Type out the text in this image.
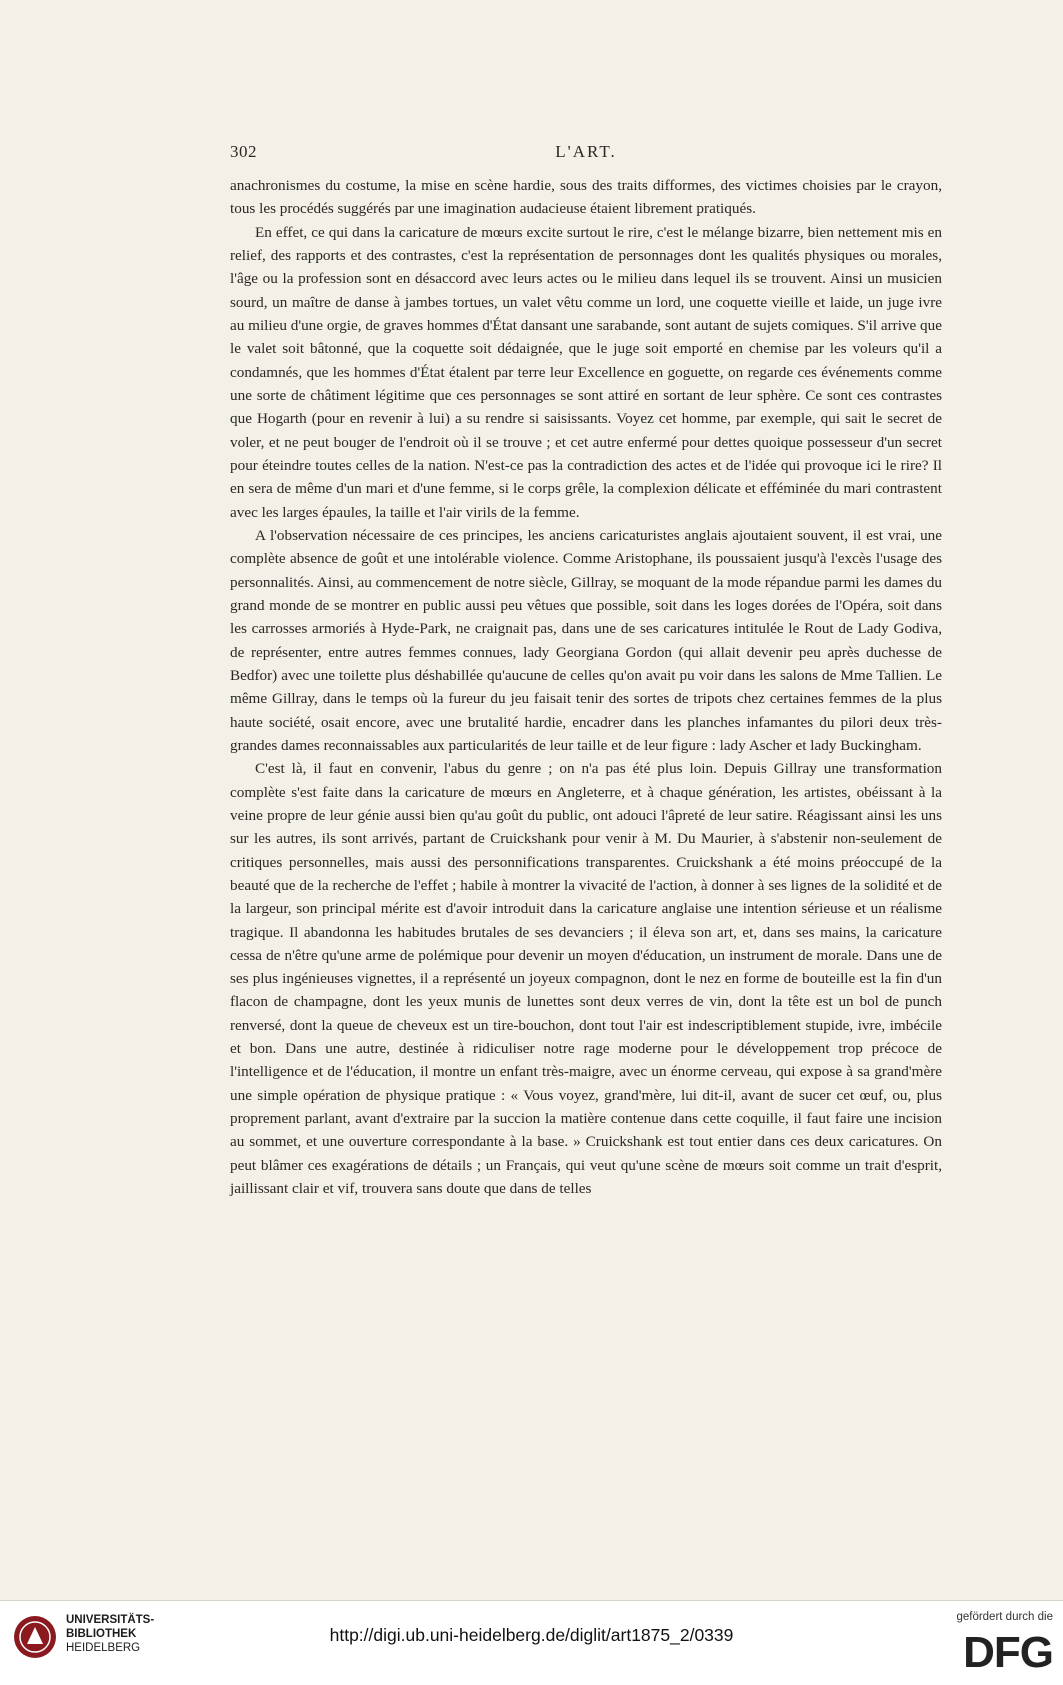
302	L'ART.

anachronismes du costume, la mise en scène hardie, sous des traits difformes, des victimes choisies par le crayon, tous les procédés suggérés par une imagination audacieuse étaient librement pratiqués.

En effet, ce qui dans la caricature de mœurs excite surtout le rire, c'est le mélange bizarre, bien nettement mis en relief, des rapports et des contrastes, c'est la représentation de personnages dont les qualités physiques ou morales, l'âge ou la profession sont en désaccord avec leurs actes ou le milieu dans lequel ils se trouvent. Ainsi un musicien sourd, un maître de danse à jambes tortues, un valet vêtu comme un lord, une coquette vieille et laide, un juge ivre au milieu d'une orgie, de graves hommes d'État dansant une sarabande, sont autant de sujets comiques. S'il arrive que le valet soit bâtonné, que la coquette soit dédaignée, que le juge soit emporté en chemise par les voleurs qu'il a condamnés, que les hommes d'État étalent par terre leur Excellence en goguette, on regarde ces événements comme une sorte de châtiment légitime que ces personnages se sont attiré en sortant de leur sphère. Ce sont ces contrastes que Hogarth (pour en revenir à lui) a su rendre si saisissants. Voyez cet homme, par exemple, qui sait le secret de voler, et ne peut bouger de l'endroit où il se trouve ; et cet autre enfermé pour dettes quoique possesseur d'un secret pour éteindre toutes celles de la nation. N'est-ce pas la contradiction des actes et de l'idée qui provoque ici le rire? Il en sera de même d'un mari et d'une femme, si le corps grêle, la complexion délicate et efféminée du mari contrastent avec les larges épaules, la taille et l'air virils de la femme.

A l'observation nécessaire de ces principes, les anciens caricaturistes anglais ajoutaient souvent, il est vrai, une complète absence de goût et une intolérable violence. Comme Aristophane, ils poussaient jusqu'à l'excès l'usage des personnalités. Ainsi, au commencement de notre siècle, Gillray, se moquant de la mode répandue parmi les dames du grand monde de se montrer en public aussi peu vêtues que possible, soit dans les loges dorées de l'Opéra, soit dans les carrosses armoriés à Hyde-Park, ne craignait pas, dans une de ses caricatures intitulée le Rout de Lady Godiva, de représenter, entre autres femmes connues, lady Georgiana Gordon (qui allait devenir peu après duchesse de Bedfor) avec une toilette plus déshabillée qu'aucune de celles qu'on avait pu voir dans les salons de Mme Tallien. Le même Gillray, dans le temps où la fureur du jeu faisait tenir des sortes de tripots chez certaines femmes de la plus haute société, osait encore, avec une brutalité hardie, encadrer dans les planches infamantes du pilori deux très-grandes dames reconnaissables aux particularités de leur taille et de leur figure : lady Ascher et lady Buckingham.

C'est là, il faut en convenir, l'abus du genre ; on n'a pas été plus loin. Depuis Gillray une transformation complète s'est faite dans la caricature de mœurs en Angleterre, et à chaque génération, les artistes, obéissant à la veine propre de leur génie aussi bien qu'au goût du public, ont adouci l'âpreté de leur satire. Réagissant ainsi les uns sur les autres, ils sont arrivés, partant de Cruickshank pour venir à M. Du Maurier, à s'abstenir non-seulement de critiques personnelles, mais aussi des personnifications transparentes. Cruickshank a été moins préoccupé de la beauté que de la recherche de l'effet ; habile à montrer la vivacité de l'action, à donner à ses lignes de la solidité et de la largeur, son principal mérite est d'avoir introduit dans la caricature anglaise une intention sérieuse et un réalisme tragique. Il abandonna les habitudes brutales de ses devanciers ; il éleva son art, et, dans ses mains, la caricature cessa de n'être qu'une arme de polémique pour devenir un moyen d'éducation, un instrument de morale. Dans une de ses plus ingénieuses vignettes, il a représenté un joyeux compagnon, dont le nez en forme de bouteille est la fin d'un flacon de champagne, dont les yeux munis de lunettes sont deux verres de vin, dont la tête est un bol de punch renversé, dont la queue de cheveux est un tire-bouchon, dont tout l'air est indescriptiblement stupide, ivre, imbécile et bon. Dans une autre, destinée à ridiculiser notre rage moderne pour le développement trop précoce de l'intelligence et de l'éducation, il montre un enfant très-maigre, avec un énorme cerveau, qui expose à sa grand'mère une simple opération de physique pratique : « Vous voyez, grand'mère, lui dit-il, avant de sucer cet œuf, ou, plus proprement parlant, avant d'extraire par la succion la matière contenue dans cette coquille, il faut faire une incision au sommet, et une ouverture correspondante à la base. » Cruickshank est tout entier dans ces deux caricatures. On peut blâmer ces exagérations de détails ; un Français, qui veut qu'une scène de mœurs soit comme un trait d'esprit, jaillissant clair et vif, trouvera sans doute que dans de telles

UNIVERSITÄTS-
BIBLIOTHEK
HEIDELBERG
http://digi.ub.uni-heidelberg.de/diglit/art1875_2/0339
gefördert durch die
DFG
